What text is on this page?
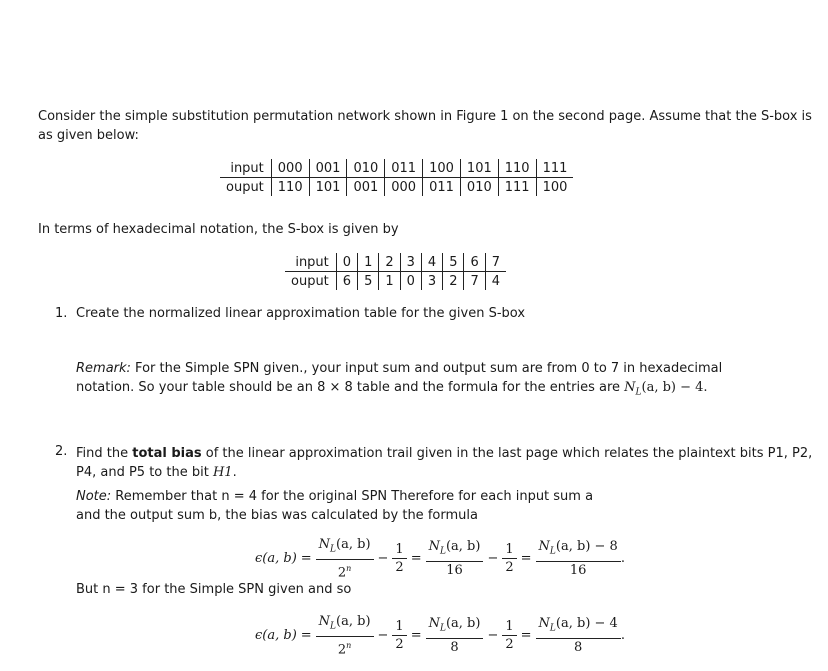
Consider the simple substitution permutation network shown in Figure 1 on the second page. Assume that the S-box is
as given below:
input	000	001	010	011	100	101	110	111
ouput	110	101	001	000	011	010	111	100
In terms of hexadecimal notation, the S-box is given by
input	0	1	2	3	4	5	6	7
ouput	6	5	1	0	3	2	7	4
1. Create the normalized linear approximation table for the given S-box
Remark: For the Simple SPN given., your input sum and output sum are from 0 to 7 in hexadecimal
notation. So your table should be an 8 × 8 table and the formula for the entries are $N_L(a$, b) − 4.
2. Find the total bias of the linear approximation trail given in the last page which relates the plaintext bits P1, P2,
P4, and P5 to the bit H1.
Note: Remember that n = 4 for the original SPN Therefore for each input sum a
and the output sum b, the bias was calculated by the formula
ϵ(a, $b) = \frac{N_L(a, b)}{2^n} - \frac{1}{2} = \frac{N_L(a, b)}{16} - \frac{1}{2} = \frac{N_L(a, b) - 8}{16}$ .
But n = 3 for the Simple SPN given and so
ϵ(a, $b) = \frac{N_L(a, b)}{2^n} - \frac{1}{2} = \frac{N_L(a, b)}{8} - \frac{1}{2} = \frac{N_L(a, b) - 4}{8}$ .
